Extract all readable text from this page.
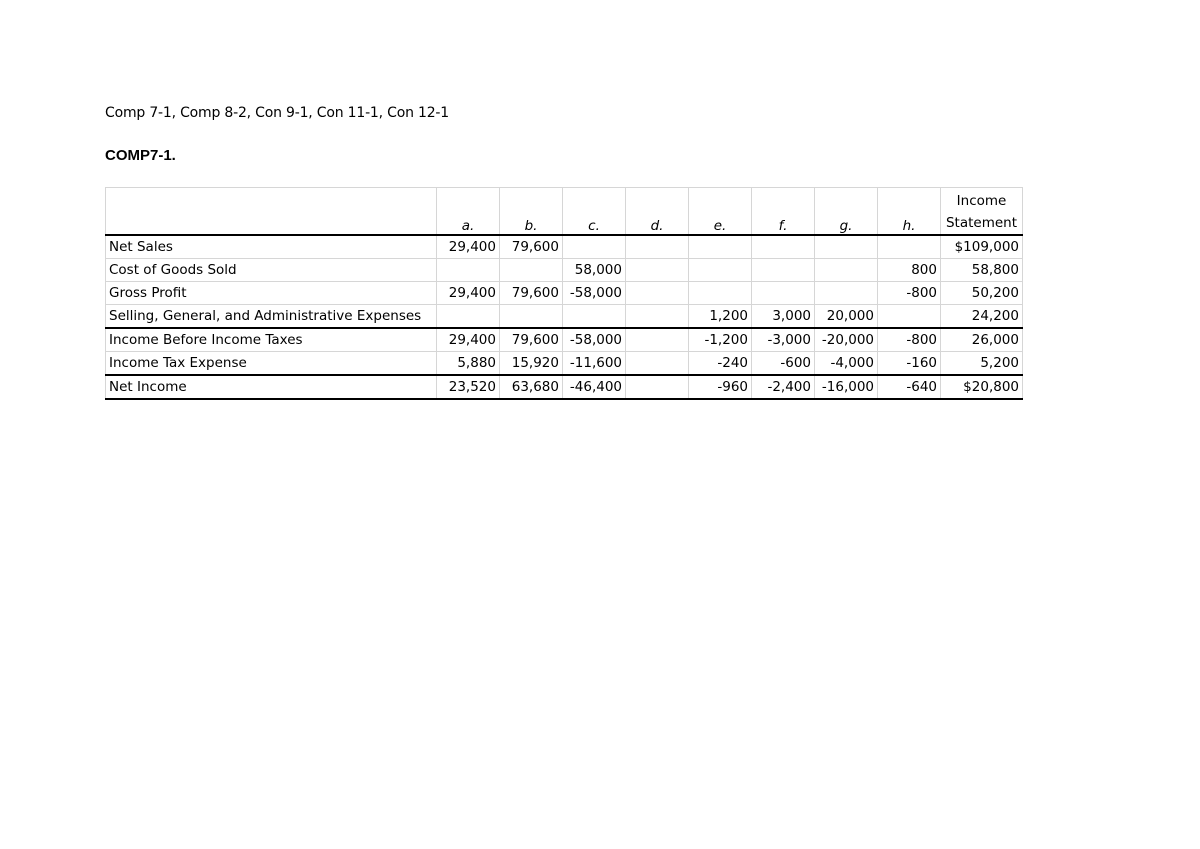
Comp 7-1, Comp 8-2, Con 9-1, Con 11-1, Con 12-1
COMP7-1.
	a.	b.	c.	d.	e.	f.	g.	h.	Income
Statement

Net Sales	29,400	79,600							$109,000
Cost of Goods Sold			58,000					800	58,800
Gross Profit	29,400	79,600	-58,000					-800	50,200
Selling, General, and Administrative Expenses					1,200	3,000	20,000		24,200
Income Before Income Taxes	29,400	79,600	-58,000		-1,200	-3,000	-20,000	-800	26,000
Income Tax Expense	5,880	15,920	-11,600		-240	-600	-4,000	-160	5,200
Net Income	23,520	63,680	-46,400		-960	-2,400	-16,000	-640	$20,800
